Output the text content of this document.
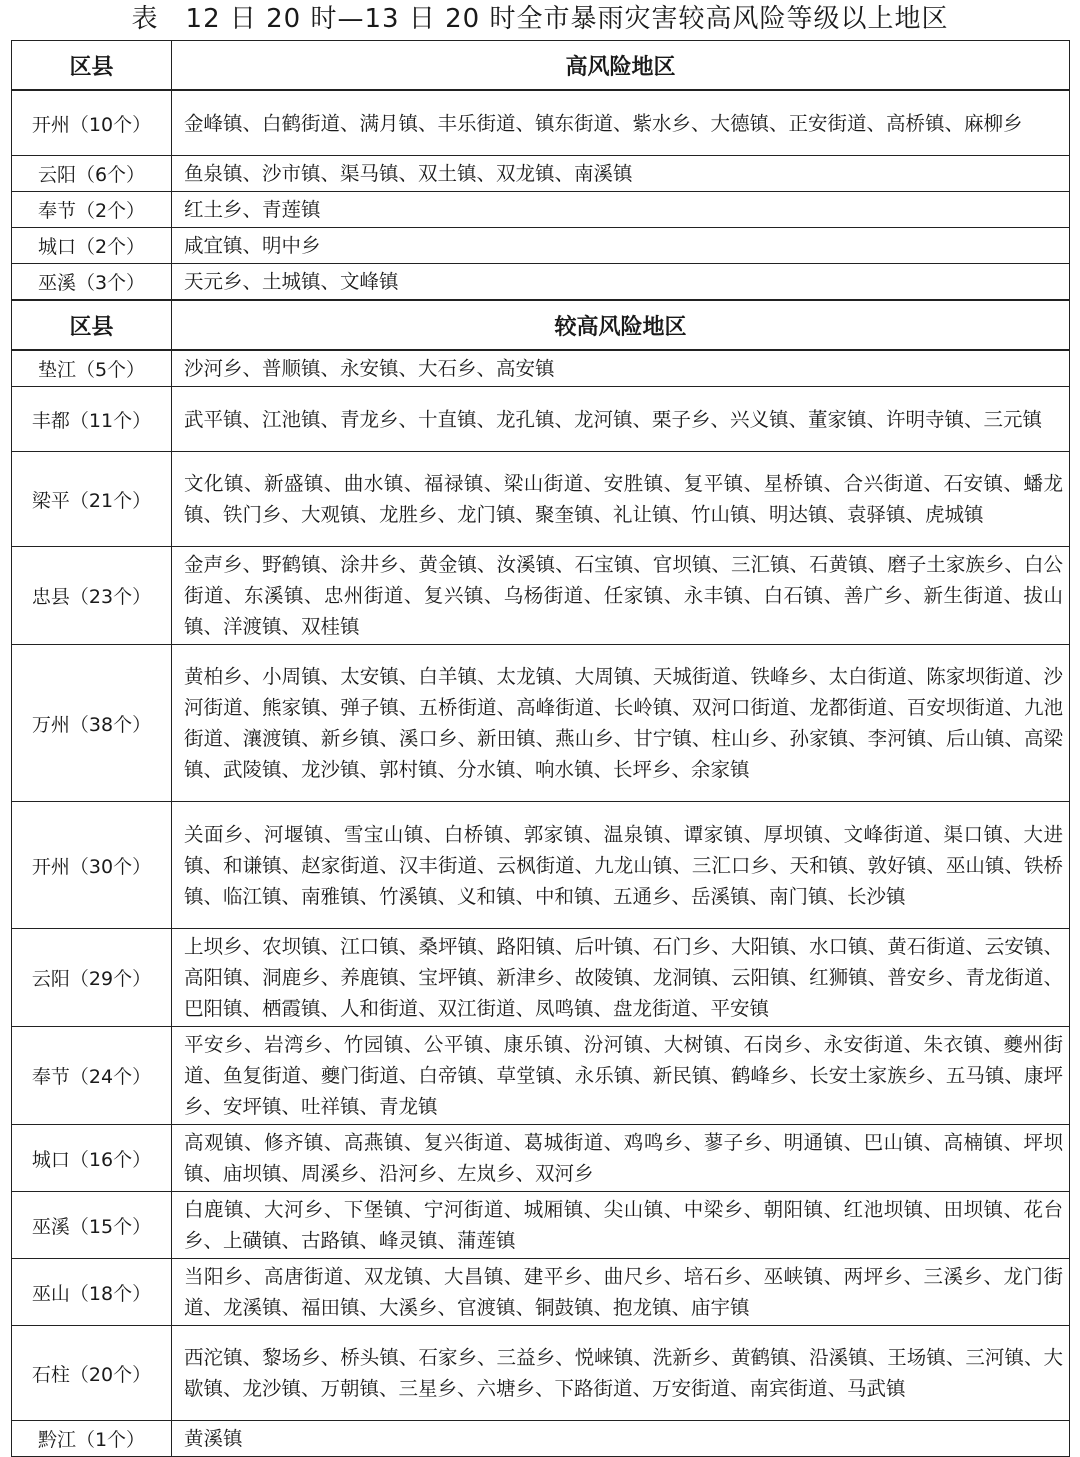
表　12 日 20 时—13 日 20 时全市暴雨灾害较高风险等级以上地区
区县	高风险地区
开州（10个）	金峰镇、白鹤街道、满月镇、丰乐街道、镇东街道、紫水乡、大德镇、正安街道、高桥镇、麻柳乡
云阳（6个）	鱼泉镇、沙市镇、渠马镇、双土镇、双龙镇、南溪镇
奉节（2个）	红土乡、青莲镇
城口（2个）	咸宜镇、明中乡
巫溪（3个）	天元乡、土城镇、文峰镇
区县	较高风险地区
垫江（5个）	沙河乡、普顺镇、永安镇、大石乡、高安镇
丰都（11个）	武平镇、江池镇、青龙乡、十直镇、龙孔镇、龙河镇、栗子乡、兴义镇、董家镇、许明寺镇、三元镇
梁平（21个）	文化镇、新盛镇、曲水镇、福禄镇、梁山街道、安胜镇、复平镇、星桥镇、合兴街道、石安镇、蟠龙镇、铁门乡、大观镇、龙胜乡、龙门镇、聚奎镇、礼让镇、竹山镇、明达镇、袁驿镇、虎城镇
忠县（23个）	金声乡、野鹤镇、涂井乡、黄金镇、汝溪镇、石宝镇、官坝镇、三汇镇、石黄镇、磨子土家族乡、白公街道、东溪镇、忠州街道、复兴镇、乌杨街道、任家镇、永丰镇、白石镇、善广乡、新生街道、拔山镇、洋渡镇、双桂镇
万州（38个）	黄柏乡、小周镇、太安镇、白羊镇、太龙镇、大周镇、天城街道、铁峰乡、太白街道、陈家坝街道、沙河街道、熊家镇、弹子镇、五桥街道、高峰街道、长岭镇、双河口街道、龙都街道、百安坝街道、九池街道、瀼渡镇、新乡镇、溪口乡、新田镇、燕山乡、甘宁镇、柱山乡、孙家镇、李河镇、后山镇、高梁镇、武陵镇、龙沙镇、郭村镇、分水镇、响水镇、长坪乡、余家镇
开州（30个）	关面乡、河堰镇、雪宝山镇、白桥镇、郭家镇、温泉镇、谭家镇、厚坝镇、文峰街道、渠口镇、大进镇、和谦镇、赵家街道、汉丰街道、云枫街道、九龙山镇、三汇口乡、天和镇、敦好镇、巫山镇、铁桥镇、临江镇、南雅镇、竹溪镇、义和镇、中和镇、五通乡、岳溪镇、南门镇、长沙镇
云阳（29个）	上坝乡、农坝镇、江口镇、桑坪镇、路阳镇、后叶镇、石门乡、大阳镇、水口镇、黄石街道、云安镇、高阳镇、洞鹿乡、养鹿镇、宝坪镇、新津乡、故陵镇、龙洞镇、云阳镇、红狮镇、普安乡、青龙街道、巴阳镇、栖霞镇、人和街道、双江街道、凤鸣镇、盘龙街道、平安镇
奉节（24个）	平安乡、岩湾乡、竹园镇、公平镇、康乐镇、汾河镇、大树镇、石岗乡、永安街道、朱衣镇、夔州街道、鱼复街道、夔门街道、白帝镇、草堂镇、永乐镇、新民镇、鹤峰乡、长安土家族乡、五马镇、康坪乡、安坪镇、吐祥镇、青龙镇
城口（16个）	高观镇、修齐镇、高燕镇、复兴街道、葛城街道、鸡鸣乡、蓼子乡、明通镇、巴山镇、高楠镇、坪坝镇、庙坝镇、周溪乡、沿河乡、左岚乡、双河乡
巫溪（15个）	白鹿镇、大河乡、下堡镇、宁河街道、城厢镇、尖山镇、中梁乡、朝阳镇、红池坝镇、田坝镇、花台乡、上磺镇、古路镇、峰灵镇、蒲莲镇
巫山（18个）	当阳乡、高唐街道、双龙镇、大昌镇、建平乡、曲尺乡、培石乡、巫峡镇、两坪乡、三溪乡、龙门街道、龙溪镇、福田镇、大溪乡、官渡镇、铜鼓镇、抱龙镇、庙宇镇
石柱（20个）	西沱镇、黎场乡、桥头镇、石家乡、三益乡、悦崃镇、洗新乡、黄鹤镇、沿溪镇、王场镇、三河镇、大歇镇、龙沙镇、万朝镇、三星乡、六塘乡、下路街道、万安街道、南宾街道、马武镇
黔江（1个）	黄溪镇
